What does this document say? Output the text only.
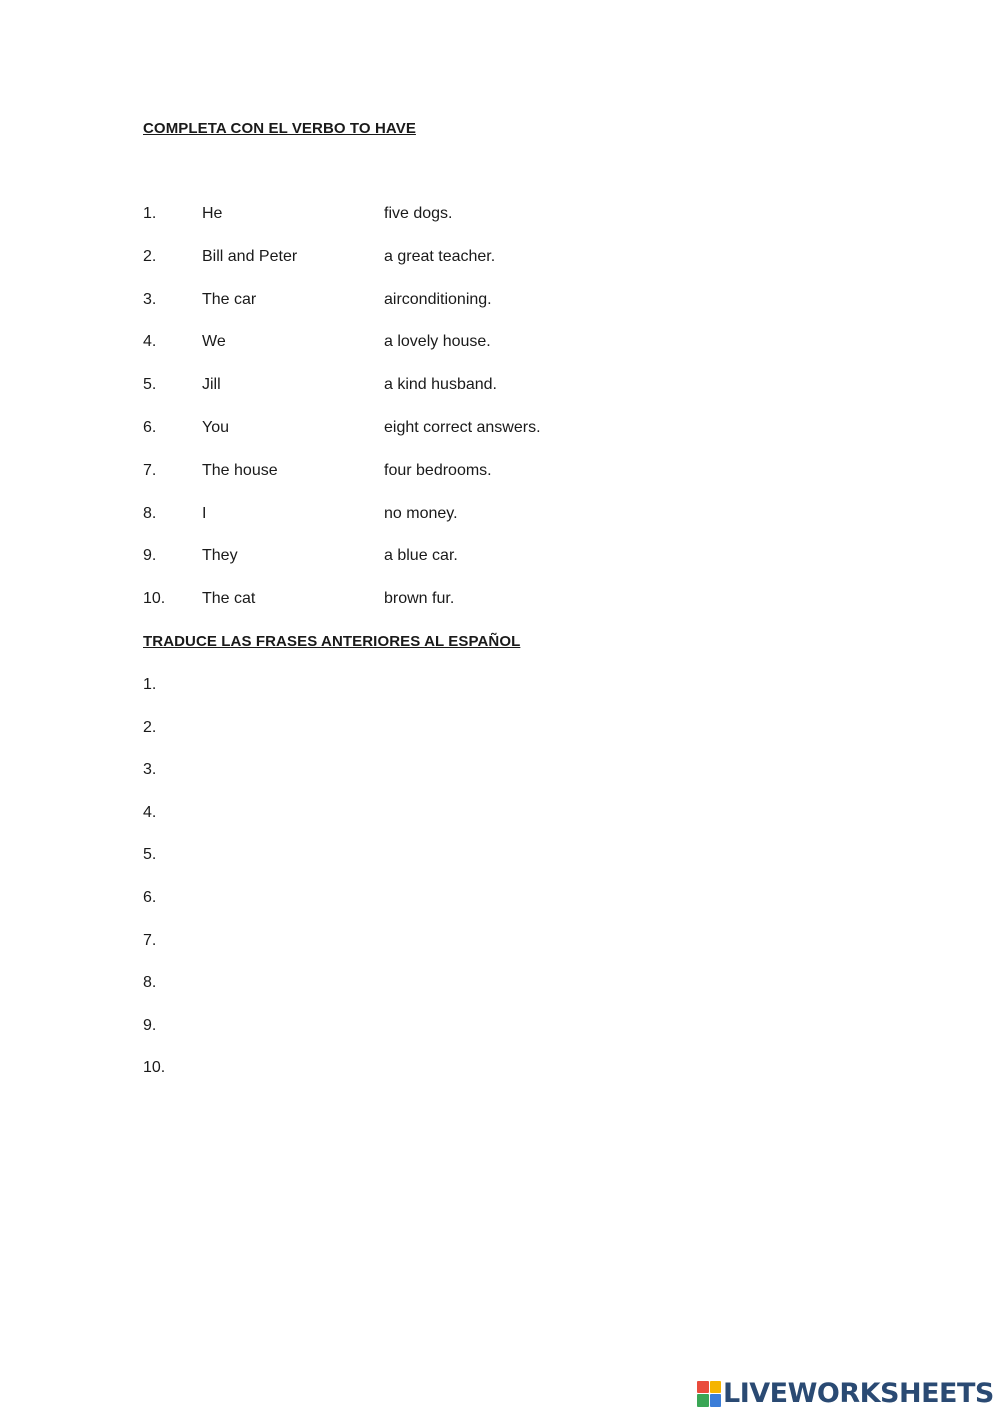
COMPLETA CON EL VERBO TO HAVE
1.	He	five dogs.
2.	Bill and Peter	a great teacher.
3.	The car	airconditioning.
4.	We	a lovely house.
5.	Jill	a kind husband.
6.	You	eight correct answers.
7.	The house	four bedrooms.
8.	I	no money.
9.	They	a blue car.
10. The cat	brown fur.
TRADUCE LAS FRASES ANTERIORES AL ESPAÑOL
1.
2.
3.
4.
5.
6.
7.
8.
9.
10.
LIVEWORKSHEETS
